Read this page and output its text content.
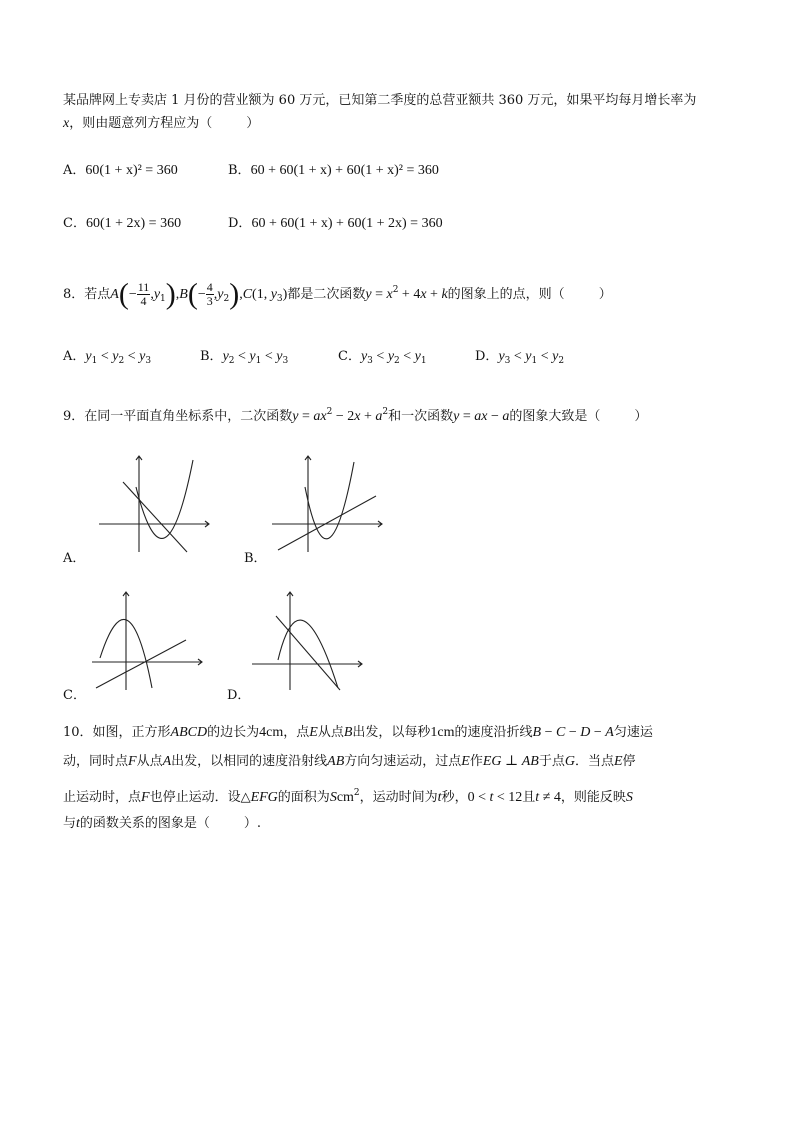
某品牌网上专卖店 1 月份的营业额为 60 万元，已知第二季度的总营亚额共 360 万元，如果平均每月增长率为
x，则由题意列方程应为（	）
A．60(1 + x)² = 360	B．60 + 60(1 + x) + 60(1 + x)² = 360
C．60(1 + 2x) = 360	D．60 + 60(1 + x) + 60(1 + 2x) = 360
8．若点$A(- \frac{11}{4} ,y_1),B(- \frac{4}{3} ,y_2),C(1$, $y_3$)都是二次函数$y = x^2 + 4x + k$的图象上的点，则（	）
A．$y_1 < y_2 < y_3$	B．$y_2 < y_1 < y_3$	C．$y_3 < y_2 < y_1$	D．$y_3 < y_1 < y_2$
9．在同一平面直角坐标系中，二次函数$y = ax^2 - 2x + a^2$和一次函数y = ax − a的图象大致是（	）
A．	B．
C．	D．
10．如图，正方形ABCD的边长为4cm，点E从点B出发，以每秒1cm的速度沿折线B − C − D − A匀速运
动，同时点F从点A出发，以相同的速度沿射线AB方向匀速运动，过点E作EG ⊥ AB于点G．当点E停
止运动时，点F也停止运动．设△EFG的面积为Scm$^2$，运动时间为t秒，0 < t < 12且t ≠ 4，则能反映S
与t的函数关系的图象是（	）.
